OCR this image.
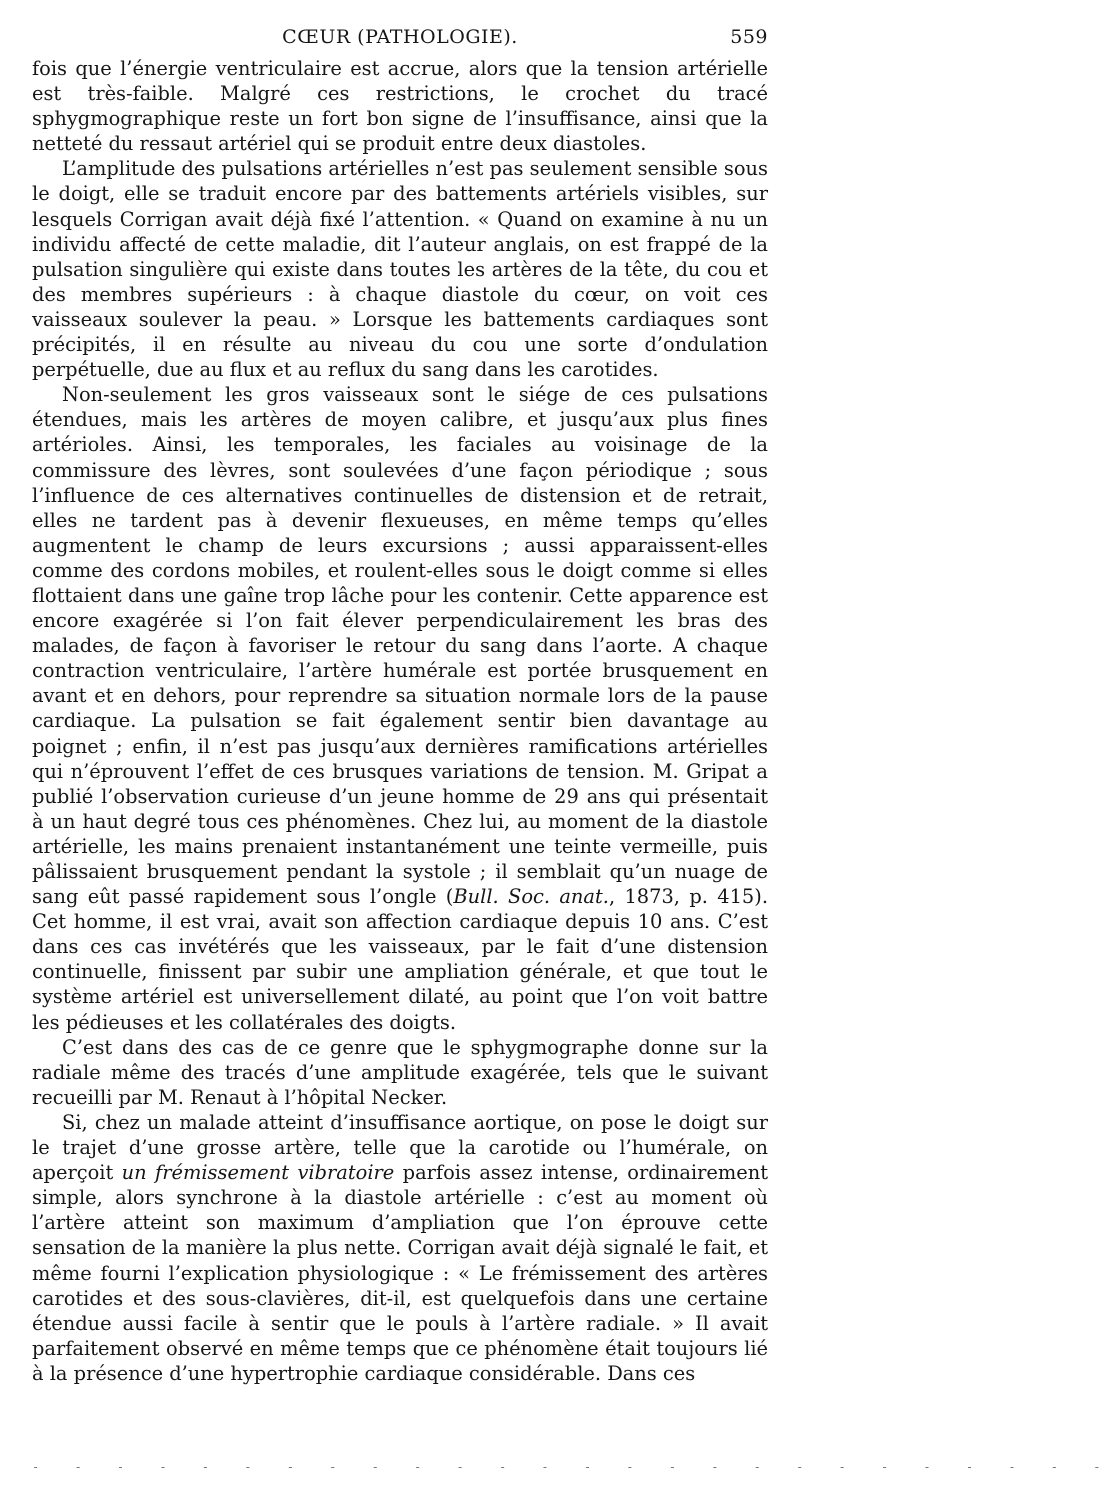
CŒUR (PATHOLOGIE).	559

fois que l’énergie ventriculaire est accrue, alors que la tension artérielle est très-faible. Malgré ces restrictions, le crochet du tracé sphygmographique reste un fort bon signe de l’insuffisance, ainsi que la netteté du ressaut artériel qui se produit entre deux diastoles.

L’amplitude des pulsations artérielles n’est pas seulement sensible sous le doigt, elle se traduit encore par des battements artériels visibles, sur lesquels Corrigan avait déjà fixé l’attention. « Quand on examine à nu un individu affecté de cette maladie, dit l’auteur anglais, on est frappé de la pulsation singulière qui existe dans toutes les artères de la tête, du cou et des membres supérieurs : à chaque diastole du cœur, on voit ces vaisseaux soulever la peau. » Lorsque les battements cardiaques sont précipités, il en résulte au niveau du cou une sorte d’ondulation perpétuelle, due au flux et au reflux du sang dans les carotides.

Non-seulement les gros vaisseaux sont le siége de ces pulsations étendues, mais les artères de moyen calibre, et jusqu’aux plus fines artérioles. Ainsi, les temporales, les faciales au voisinage de la commissure des lèvres, sont soulevées d’une façon périodique ; sous l’influence de ces alternatives continuelles de distension et de retrait, elles ne tardent pas à devenir flexueuses, en même temps qu’elles augmentent le champ de leurs excursions ; aussi apparaissent-elles comme des cordons mobiles, et roulent-elles sous le doigt comme si elles flottaient dans une gaîne trop lâche pour les contenir. Cette apparence est encore exagérée si l’on fait élever perpendiculairement les bras des malades, de façon à favoriser le retour du sang dans l’aorte. A chaque contraction ventriculaire, l’artère humérale est portée brusquement en avant et en dehors, pour reprendre sa situation normale lors de la pause cardiaque. La pulsation se fait également sentir bien davantage au poignet ; enfin, il n’est pas jusqu’aux dernières ramifications artérielles qui n’éprouvent l’effet de ces brusques variations de tension. M. Gripat a publié l’observation curieuse d’un jeune homme de 29 ans qui présentait à un haut degré tous ces phénomènes. Chez lui, au moment de la diastole artérielle, les mains prenaient instantanément une teinte vermeille, puis pâlissaient brusquement pendant la systole ; il semblait qu’un nuage de sang eût passé rapidement sous l’ongle (Bull. Soc. anat., 1873, p. 415). Cet homme, il est vrai, avait son affection cardiaque depuis 10 ans. C’est dans ces cas invétérés que les vaisseaux, par le fait d’une distension continuelle, finissent par subir une ampliation générale, et que tout le système artériel est universellement dilaté, au point que l’on voit battre les pédieuses et les collatérales des doigts.

C’est dans des cas de ce genre que le sphygmographe donne sur la radiale même des tracés d’une amplitude exagérée, tels que le suivant recueilli par M. Renaut à l’hôpital Necker.

Si, chez un malade atteint d’insuffisance aortique, on pose le doigt sur le trajet d’une grosse artère, telle que la carotide ou l’humérale, on aperçoit un frémissement vibratoire parfois assez intense, ordinairement simple, alors synchrone à la diastole artérielle : c’est au moment où l’artère atteint son maximum d’ampliation que l’on éprouve cette sensation de la manière la plus nette. Corrigan avait déjà signalé le fait, et même fourni l’explication physiologique : « Le frémissement des artères carotides et des sous-clavières, dit-il, est quelquefois dans une certaine étendue aussi facile à sentir que le pouls à l’artère radiale. » Il avait parfaitement observé en même temps que ce phénomène était toujours lié à la présence d’une hypertrophie cardiaque considérable. Dans ces

- - - - - - - - - - - - - - - - - - - - - - - - - -
